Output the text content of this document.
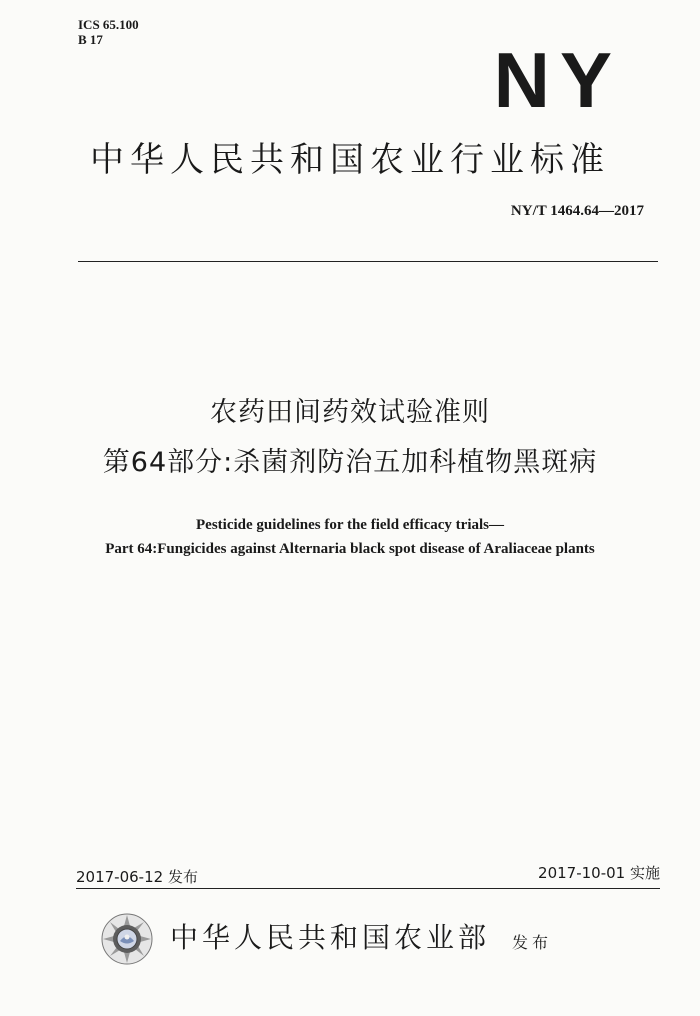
ICS 65.100
B 17	NY
中华人民共和国农业行业标准
NY/T 1464.64—2017
农药田间药效试验准则
第64部分:杀菌剂防治五加科植物黑斑病
Pesticide guidelines for the field efficacy trials—
Part 64:Fungicides against Alternaria black spot disease of Araliaceae plants
2017-06-12 发布	2017-10-01 实施
中华人民共和国农业部 发布
